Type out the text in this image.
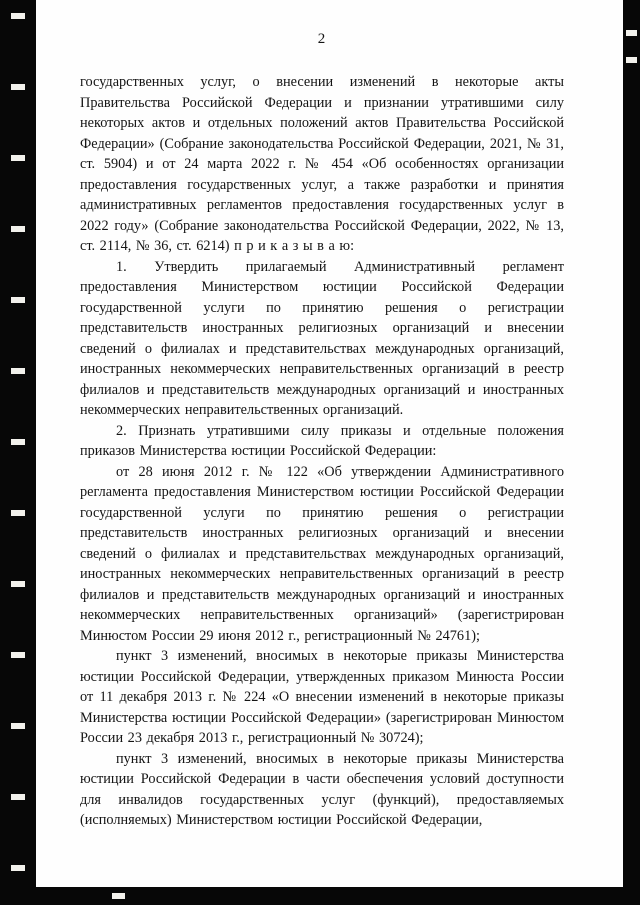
2

государственных услуг, о внесении изменений в некоторые акты Правительства Российской Федерации и признании утратившими силу некоторых актов и отдельных положений актов Правительства Российской Федерации» (Собрание законодательства Российской Федерации, 2021, № 31, ст. 5904) и от 24 марта 2022 г. № 454 «Об особенностях организации предоставления государственных услуг, а также разработки и принятия административных регламентов предоставления государственных услуг в 2022 году» (Собрание законодательства Российской Федерации, 2022, № 13, ст. 2114, № 36, ст. 6214) п р и к а з ы в а ю:

1. Утвердить прилагаемый Административный регламент предоставления Министерством юстиции Российской Федерации государственной услуги по принятию решения о регистрации представительств иностранных религиозных организаций и внесении сведений о филиалах и представительствах международных организаций, иностранных некоммерческих неправительственных организаций в реестр филиалов и представительств международных организаций и иностранных некоммерческих неправительственных организаций.

2. Признать утратившими силу приказы и отдельные положения приказов Министерства юстиции Российской Федерации:

от 28 июня 2012 г. № 122 «Об утверждении Административного регламента предоставления Министерством юстиции Российской Федерации государственной услуги по принятию решения о регистрации представительств иностранных религиозных организаций и внесении сведений о филиалах и представительствах международных организаций, иностранных некоммерческих неправительственных организаций в реестр филиалов и представительств международных организаций и иностранных некоммерческих неправительственных организаций» (зарегистрирован Минюстом России 29 июня 2012 г., регистрационный № 24761);

пункт 3 изменений, вносимых в некоторые приказы Министерства юстиции Российской Федерации, утвержденных приказом Минюста России от 11 декабря 2013 г. № 224 «О внесении изменений в некоторые приказы Министерства юстиции Российской Федерации» (зарегистрирован Минюстом России 23 декабря 2013 г., регистрационный № 30724);

пункт 3 изменений, вносимых в некоторые приказы Министерства юстиции Российской Федерации в части обеспечения условий доступности для инвалидов государственных услуг (функций), предоставляемых (исполняемых) Министерством юстиции Российской Федерации,
